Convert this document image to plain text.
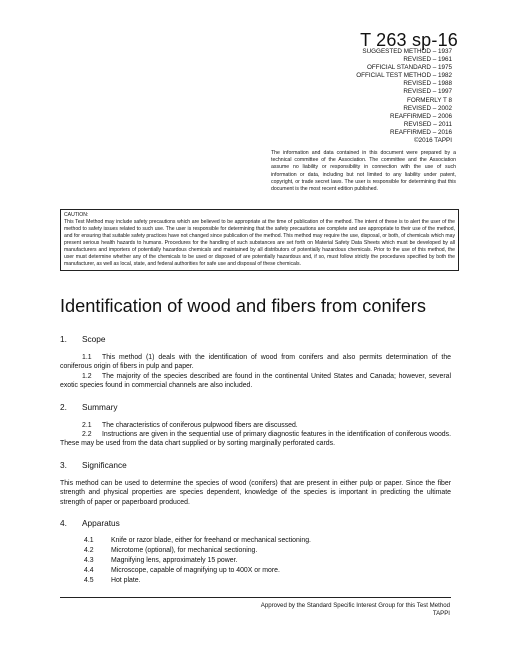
T 263 sp-16
SUGGESTED METHOD – 1937
REVISED – 1961
OFFICIAL STANDARD – 1975
OFFICIAL TEST METHOD – 1982
REVISED – 1988
REVISED – 1997
FORMERLY T 8
REVISED – 2002
REAFFIRMED – 2006
REVISED – 2011
REAFFIRMED – 2016
©2016 TAPPI
The information and data contained in this document were prepared by a technical committee of the Association. The committee and the Association assume no liability or responsibility in connection with the use of such information or data, including but not limited to any liability under patent, copyright, or trade secret laws. The user is responsible for determining that this document is the most recent edition published.
CAUTION:
This Test Method may include safety precautions which are believed to be appropriate at the time of publication of the method. The intent of these is to alert the user of the method to safety issues related to such use. The user is responsible for determining that the safety precautions are complete and are appropriate to their use of the method, and for ensuring that suitable safety practices have not changed since publication of the method. This method may require the use, disposal, or both, of chemicals which may present serious health hazards to humans. Procedures for the handling of such substances are set forth on Material Safety Data Sheets which must be developed by all manufacturers and importers of potentially hazardous chemicals and maintained by all distributors of potentially hazardous chemicals. Prior to the use of this method, the user must determine whether any of the chemicals to be used or disposed of are potentially hazardous and, if so, must follow strictly the procedures specified by both the manufacturer, as well as local, state, and federal authorities for safe use and disposal of these chemicals.
Identification of wood and fibers from conifers
1. Scope
1.1 This method (1) deals with the identification of wood from conifers and also permits determination of the coniferous origin of fibers in pulp and paper.
1.2 The majority of the species described are found in the continental United States and Canada; however, several exotic species found in commercial channels are also included.
2. Summary
2.1 The characteristics of coniferous pulpwood fibers are discussed.
2.2 Instructions are given in the sequential use of primary diagnostic features in the identification of coniferous woods. These may be used from the data chart supplied or by sorting marginally perforated cards.
3. Significance
This method can be used to determine the species of wood (conifers) that are present in either pulp or paper. Since the fiber strength and physical properties are species dependent, knowledge of the species is important in predicting the ultimate strength of paper or paperboard produced.
4. Apparatus
4.1	Knife or razor blade, either for freehand or mechanical sectioning.
4.2	Microtome (optional), for mechanical sectioning.
4.3	Magnifying lens, approximately 15 power.
4.4	Microscope, capable of magnifying up to 400X or more.
4.5	Hot plate.
Approved by the Standard Specific Interest Group for this Test Method
TAPPI
